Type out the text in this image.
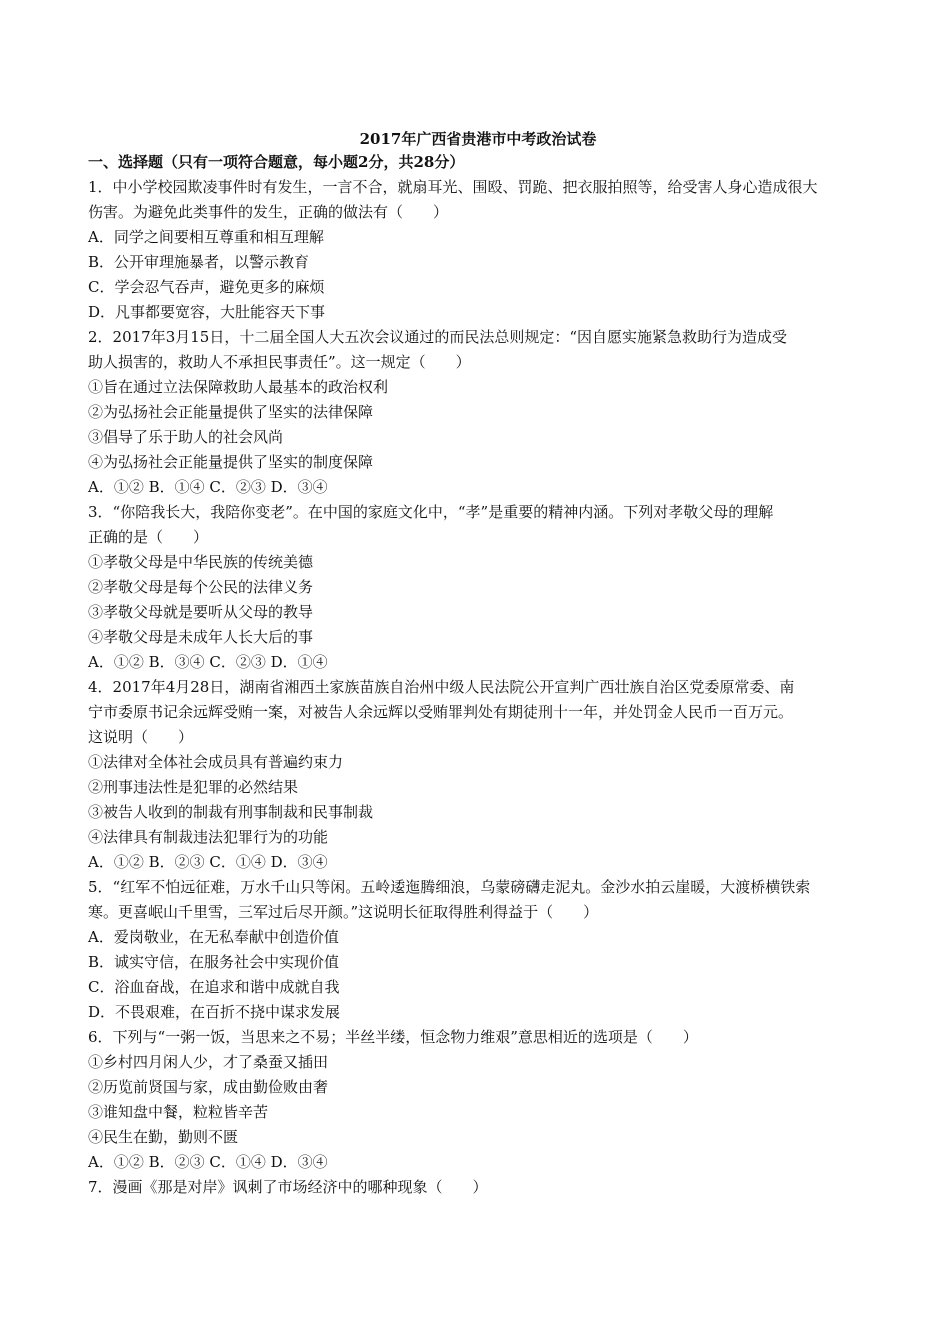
2017年广西省贵港市中考政治试卷

一、选择题（只有一项符合题意，每小题2分，共28分）

1．中小学校园欺凌事件时有发生，一言不合，就扇耳光、围殴、罚跪、把衣服拍照等，给受害人身心造成很大

伤害。为避免此类事件的发生，正确的做法有（　　）

A．同学之间要相互尊重和相互理解

B．公开审理施暴者，以警示教育

C．学会忍气吞声，避免更多的麻烦

D．凡事都要宽容，大肚能容天下事

2．2017年3月15日，十二届全国人大五次会议通过的而民法总则规定：“因自愿实施紧急救助行为造成受

助人损害的，救助人不承担民事责任”。这一规定（　　）

①旨在通过立法保障救助人最基本的政治权利

②为弘扬社会正能量提供了坚实的法律保障

③倡导了乐于助人的社会风尚

④为弘扬社会正能量提供了坚实的制度保障

A．①② B．①④ C．②③ D．③④

3．“你陪我长大，我陪你变老”。在中国的家庭文化中，“孝”是重要的精神内涵。下列对孝敬父母的理解

正确的是（　　）

①孝敬父母是中华民族的传统美德

②孝敬父母是每个公民的法律义务

③孝敬父母就是要听从父母的教导

④孝敬父母是未成年人长大后的事

A．①② B．③④ C．②③ D．①④

4．2017年4月28日，湖南省湘西土家族苗族自治州中级人民法院公开宣判广西壮族自治区党委原常委、南

宁市委原书记余远辉受贿一案，对被告人余远辉以受贿罪判处有期徒刑十一年，并处罚金人民币一百万元。

这说明（　　）

①法律对全体社会成员具有普遍约束力

②刑事违法性是犯罪的必然结果

③被告人收到的制裁有刑事制裁和民事制裁

④法律具有制裁违法犯罪行为的功能

A．①② B．②③ C．①④ D．③④

5．“红军不怕远征难，万水千山只等闲。五岭逶迤腾细浪，乌蒙磅礴走泥丸。金沙水拍云崖暖，大渡桥横铁索

寒。更喜岷山千里雪，三军过后尽开颜。”这说明长征取得胜利得益于（　　）

A．爱岗敬业，在无私奉献中创造价值

B．诚实守信，在服务社会中实现价值

C．浴血奋战，在追求和谐中成就自我

D．不畏艰难，在百折不挠中谋求发展

6．下列与“一粥一饭，当思来之不易；半丝半缕，恒念物力维艰”意思相近的选项是（　　）

①乡村四月闲人少，才了桑蚕又插田

②历览前贤国与家，成由勤俭败由奢

③谁知盘中餐，粒粒皆辛苦

④民生在勤，勤则不匮

A．①② B．②③ C．①④ D．③④

7．漫画《那是对岸》讽刺了市场经济中的哪种现象（　　）
